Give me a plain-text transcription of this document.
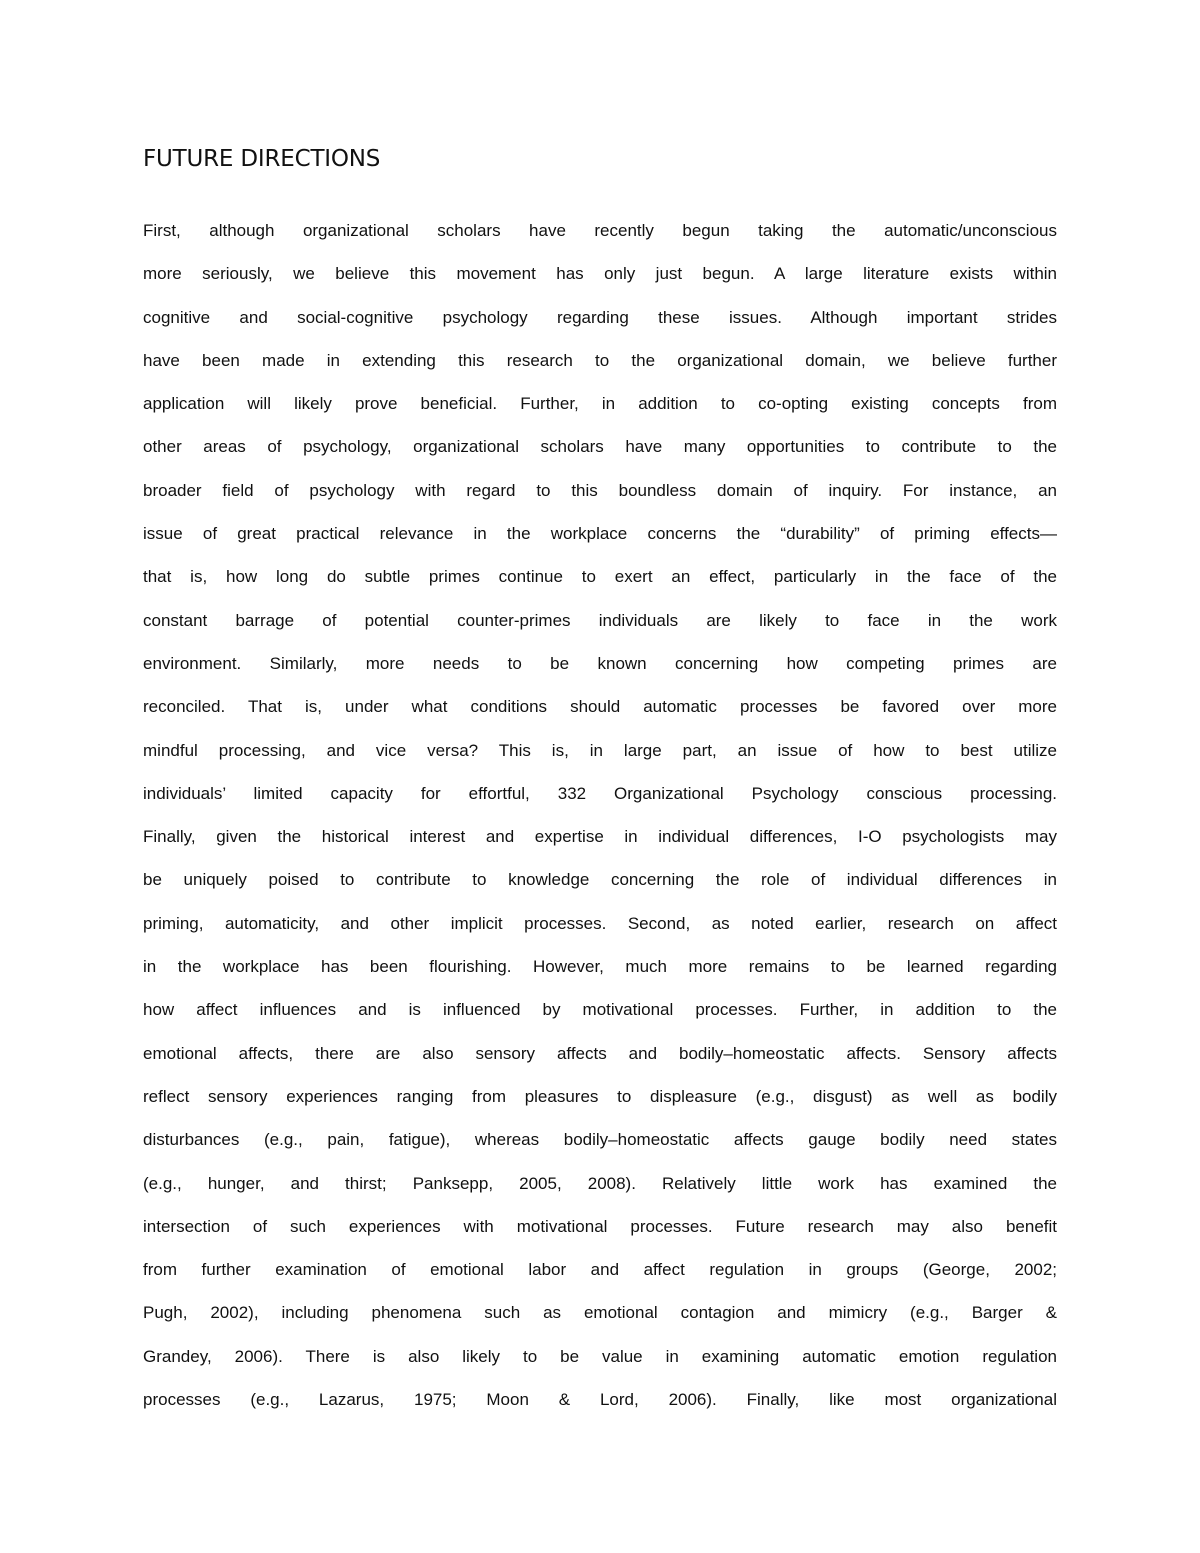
FUTURE DIRECTIONS
First, although organizational scholars have recently begun taking the automatic/unconscious
more seriously, we believe this movement has only just begun. A large literature exists within
cognitive and social-cognitive psychology regarding these issues. Although important strides
have been made in extending this research to the organizational domain, we believe further
application will likely prove beneficial. Further, in addition to co-opting existing concepts from
other areas of psychology, organizational scholars have many opportunities to contribute to the
broader field of psychology with regard to this boundless domain of inquiry. For instance, an
issue of great practical relevance in the workplace concerns the “durability” of priming effects—
that is, how long do subtle primes continue to exert an effect, particularly in the face of the
constant barrage of potential counter-primes individuals are likely to face in the work
environment. Similarly, more needs to be known concerning how competing primes are
reconciled. That is, under what conditions should automatic processes be favored over more
mindful processing, and vice versa? This is, in large part, an issue of how to best utilize
individuals’ limited capacity for effortful, 332 Organizational Psychology conscious processing.
Finally, given the historical interest and expertise in individual differences, I-O psychologists may
be uniquely poised to contribute to knowledge concerning the role of individual differences in
priming, automaticity, and other implicit processes. Second, as noted earlier, research on affect
in the workplace has been flourishing. However, much more remains to be learned regarding
how affect influences and is influenced by motivational processes. Further, in addition to the
emotional affects, there are also sensory affects and bodily–homeostatic affects. Sensory affects
reflect sensory experiences ranging from pleasures to displeasure (e.g., disgust) as well as bodily
disturbances (e.g., pain, fatigue), whereas bodily–homeostatic affects gauge bodily need states
(e.g., hunger, and thirst; Panksepp, 2005, 2008). Relatively little work has examined the
intersection of such experiences with motivational processes. Future research may also benefit
from further examination of emotional labor and affect regulation in groups (George, 2002;
Pugh, 2002), including phenomena such as emotional contagion and mimicry (e.g., Barger &
Grandey, 2006). There is also likely to be value in examining automatic emotion regulation
processes (e.g., Lazarus, 1975; Moon & Lord, 2006). Finally, like most organizational
